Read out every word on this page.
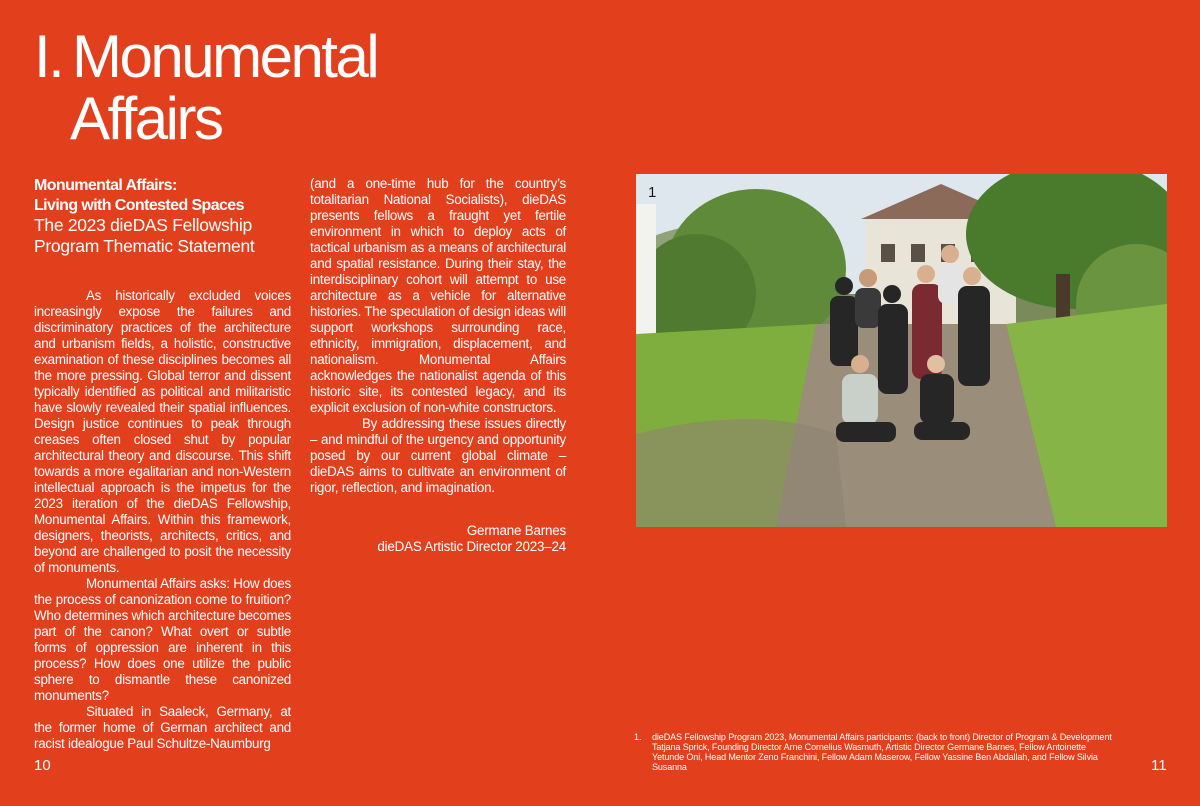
I. Monumental
Affairs
Monumental Affairs:
Living with Contested Spaces
The 2023 dieDAS Fellowship
Program Thematic Statement

As historically excluded voices increasingly expose the failures and discriminatory practices of the architecture and urbanism fields, a holistic, constructive examination of these disciplines becomes all the more pressing. Global terror and dissent typically identified as political and militaristic have slowly revealed their spatial influences. Design justice continues to peak through creases often closed shut by popular architectural theory and discourse. This shift towards a more egalitarian and non-Western intellectual approach is the impetus for the 2023 iteration of the dieDAS Fellowship, Monumental Affairs. Within this framework, designers, theorists, architects, critics, and beyond are challenged to posit the necessity of monuments.

Monumental Affairs asks: How does the process of canonization come to fruition? Who determines which architecture becomes part of the canon? What overt or subtle forms of oppression are inherent in this process? How does one utilize the public sphere to dismantle these canonized monuments?

Situated in Saaleck, Germany, at the former home of German architect and racist idealogue Paul Schultze-Naumburg

(and a one-time hub for the country’s totalitarian National Socialists), dieDAS presents fellows a fraught yet fertile environment in which to deploy acts of tactical urbanism as a means of architectural and spatial resistance. During their stay, the interdisciplinary cohort will attempt to use architecture as a vehicle for alternative histories. The speculation of design ideas will support workshops surrounding race, ethnicity, immigration, displacement, and nationalism. Monumental Affairs acknowledges the nationalist agenda of this historic site, its contested legacy, and its explicit exclusion of non-white constructors.

By addressing these issues directly – and mindful of the urgency and opportunity posed by our current global climate – dieDAS aims to cultivate an environment of rigor, reflection, and imagination.

Germane Barnes
dieDAS Artistic Director 2023–24
1
1. dieDAS Fellowship Program 2023, Monumental Affairs participants: (back to front) Director of Program & Development Tatjana Sprick, Founding Director Arne Cornelius Wasmuth, Artistic Director Germane Barnes, Fellow Antoinette Yetunde Oni, Head Mentor Zeno Franchini, Fellow Adam Maserow, Fellow Yassine Ben Abdallah, and Fellow Silvia Susanna
10	11
